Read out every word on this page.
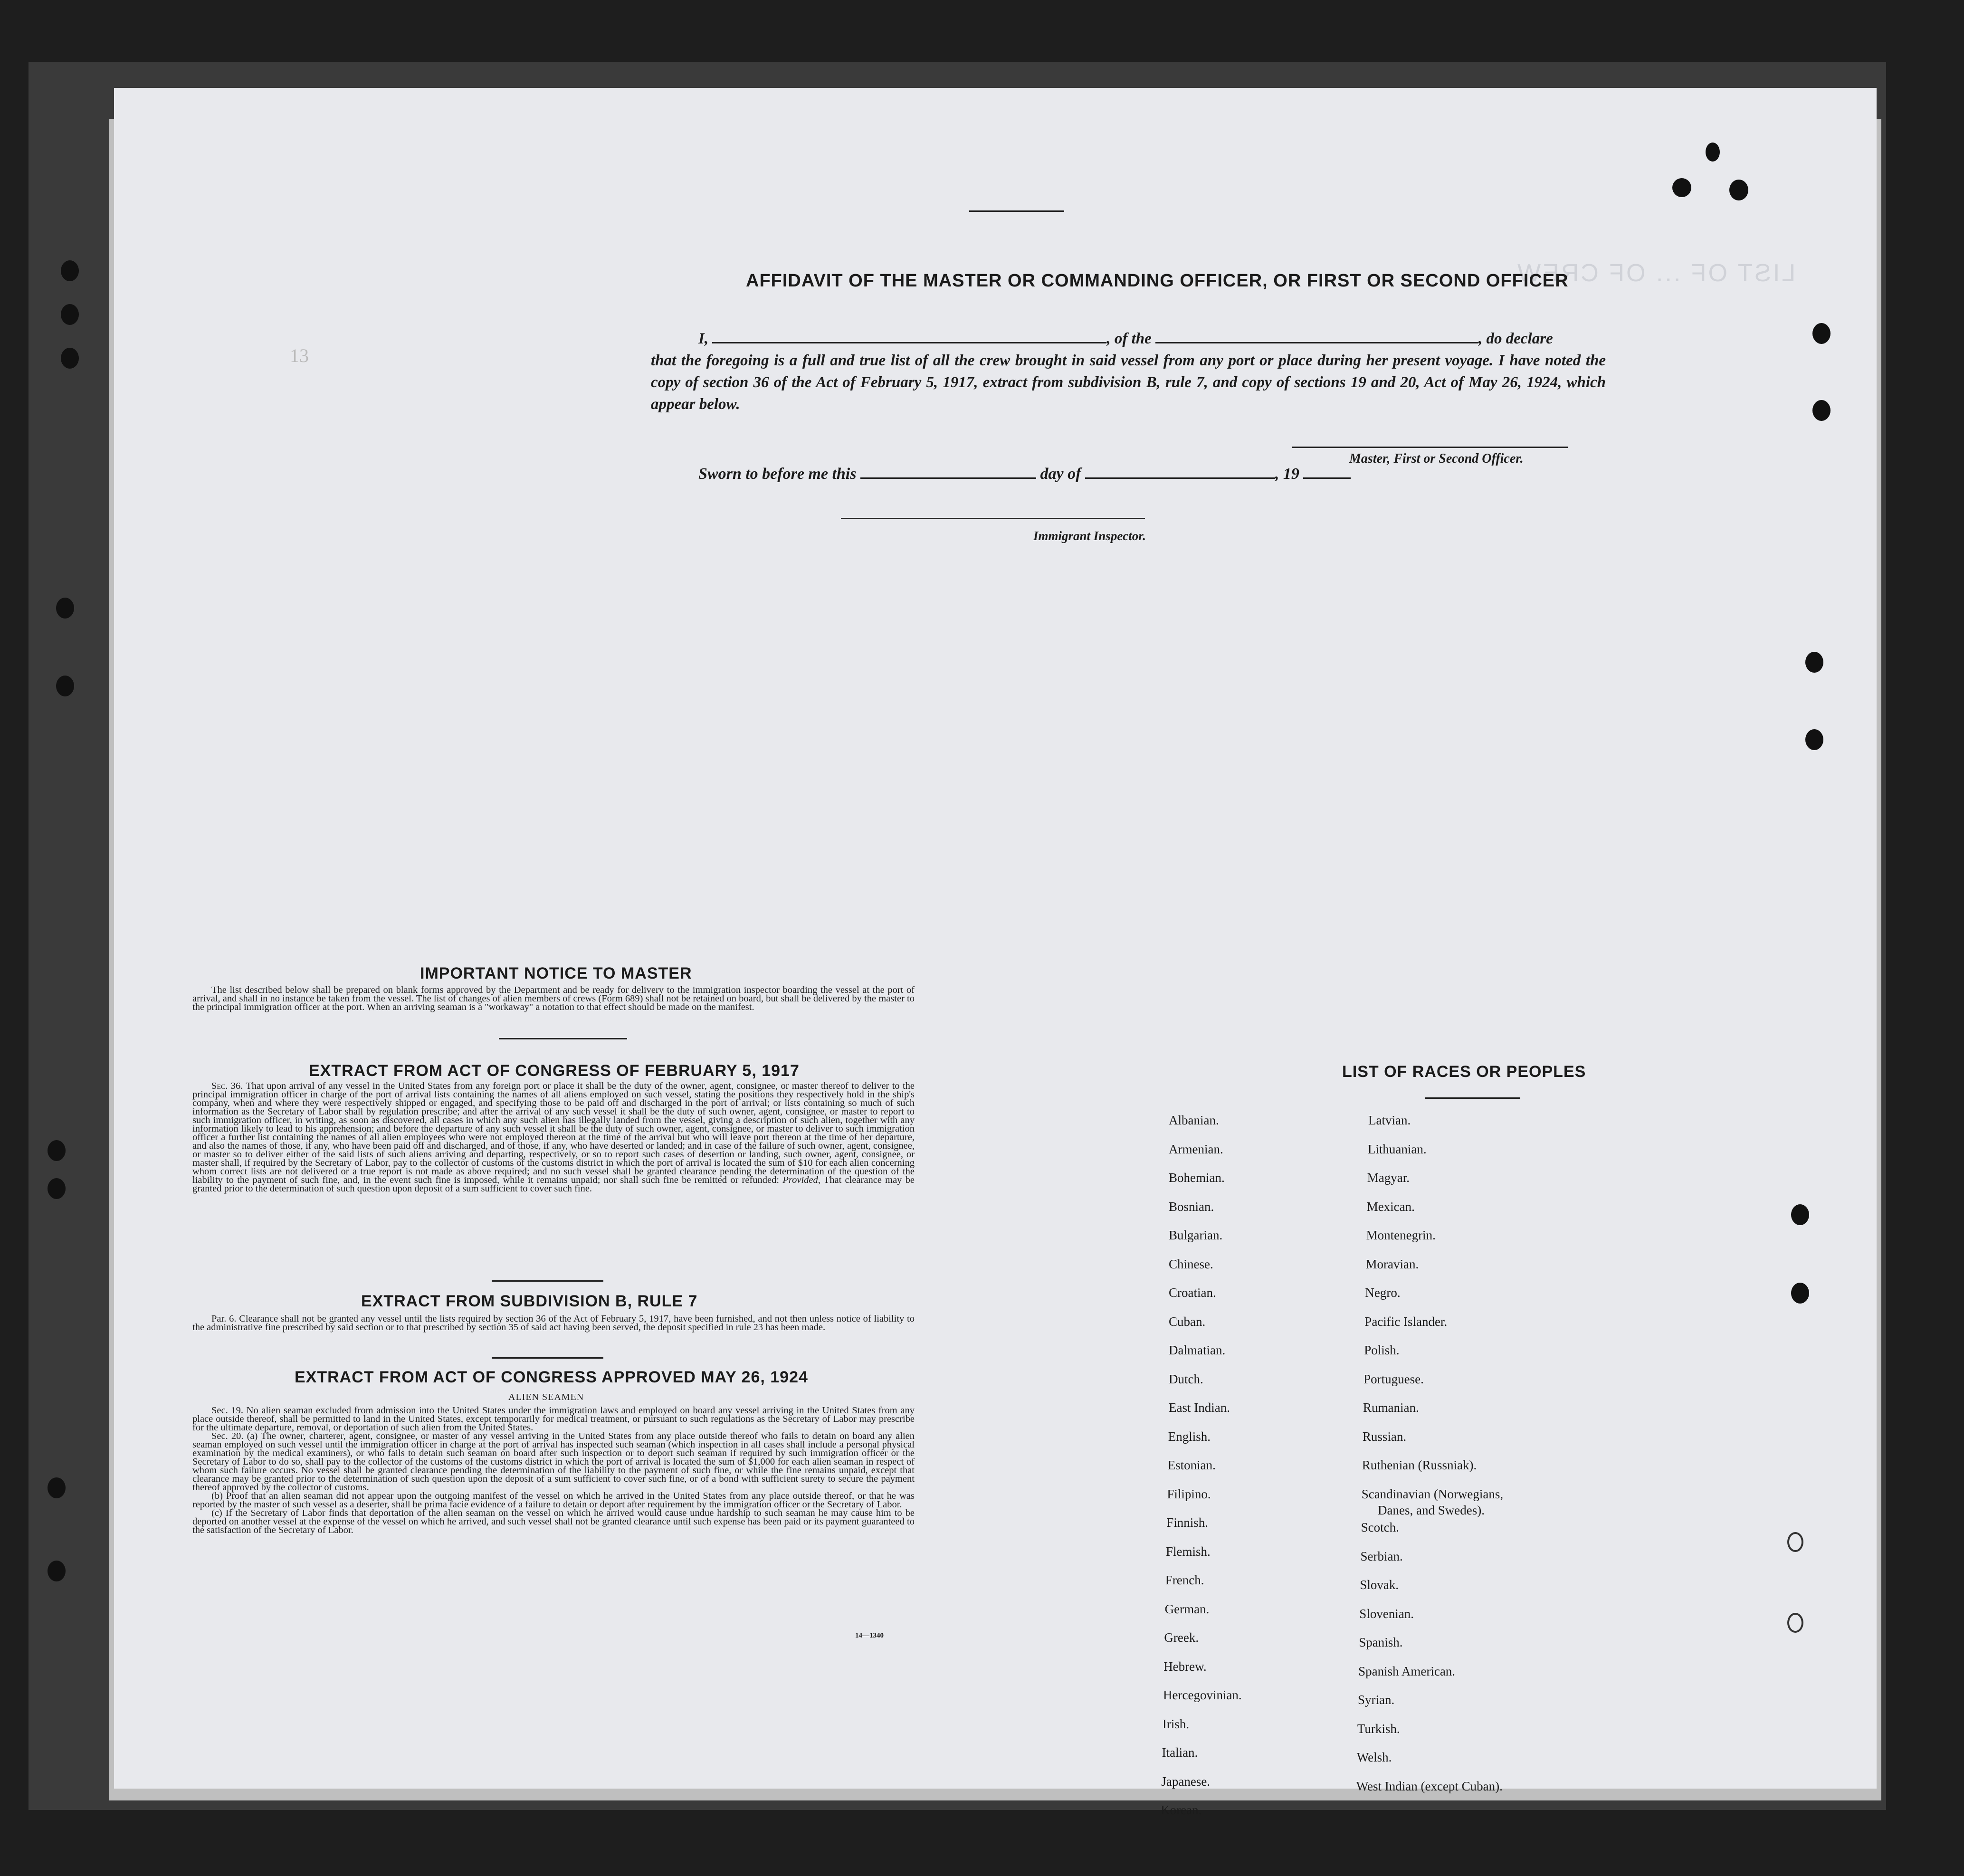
LIST OF ... OF CREW
13
AFFIDAVIT OF THE MASTER OR COMMANDING OFFICER, OR FIRST OR SECOND OFFICER
I,	, of the	, do declare
that the foregoing is a full and true list of all the crew brought in said vessel from any port or place during her present voyage. I have noted the copy of section 36 of the Act of February 5, 1917, extract from subdivision B, rule 7, and copy of sections 19 and 20, Act of May 26, 1924, which appear below.
Master, First or Second Officer.
Sworn to before me this	day of	, 19
Immigrant Inspector.
IMPORTANT NOTICE TO MASTER
The list described below shall be prepared on blank forms approved by the Department and be ready for delivery to the immigration inspector boarding the vessel at the port of arrival, and shall in no instance be taken from the vessel. The list of changes of alien members of crews (Form 689) shall not be retained on board, but shall be delivered by the master to the principal immigration officer at the port. When an arriving seaman is a "workaway" a notation to that effect should be made on the manifest.
EXTRACT FROM ACT OF CONGRESS OF FEBRUARY 5, 1917
Sec. 36. That upon arrival of any vessel in the United States from any foreign port or place it shall be the duty of the owner, agent, consignee, or master thereof to deliver to the principal immigration officer in charge of the port of arrival lists containing the names of all aliens employed on such vessel, stating the positions they respectively hold in the ship's company, when and where they were respectively shipped or engaged, and specifying those to be paid off and discharged in the port of arrival; or lists containing so much of such information as the Secretary of Labor shall by regulation prescribe; and after the arrival of any such vessel it shall be the duty of such owner, agent, consignee, or master to report to such immigration officer, in writing, as soon as discovered, all cases in which any such alien has illegally landed from the vessel, giving a description of such alien, together with any information likely to lead to his apprehension; and before the departure of any such vessel it shall be the duty of such owner, agent, consignee, or master to deliver to such immigration officer a further list containing the names of all alien employees who were not employed thereon at the time of the arrival but who will leave port thereon at the time of her departure, and also the names of those, if any, who have been paid off and discharged, and of those, if any, who have deserted or landed; and in case of the failure of such owner, agent, consignee, or master so to deliver either of the said lists of such aliens arriving and departing, respectively, or so to report such cases of desertion or landing, such owner, agent, consignee, or master shall, if required by the Secretary of Labor, pay to the collector of customs of the customs district in which the port of arrival is located the sum of $10 for each alien concerning whom correct lists are not delivered or a true report is not made as above required; and no such vessel shall be granted clearance pending the determination of the question of the liability to the payment of such fine, and, in the event such fine is imposed, while it remains unpaid; nor shall such fine be remitted or refunded: Provided, That clearance may be granted prior to the determination of such question upon deposit of a sum sufficient to cover such fine.
EXTRACT FROM SUBDIVISION B, RULE 7
Par. 6. Clearance shall not be granted any vessel until the lists required by section 36 of the Act of February 5, 1917, have been furnished, and not then unless notice of liability to the administrative fine prescribed by said section or to that prescribed by section 35 of said act having been served, the deposit specified in rule 23 has been made.
EXTRACT FROM ACT OF CONGRESS APPROVED MAY 26, 1924
ALIEN SEAMEN
Sec. 19. No alien seaman excluded from admission into the United States under the immigration laws and employed on board any vessel arriving in the United States from any place outside thereof, shall be permitted to land in the United States, except temporarily for medical treatment, or pursuant to such regulations as the Secretary of Labor may prescribe for the ultimate departure, removal, or deportation of such alien from the United States.
Sec. 20. (a) The owner, charterer, agent, consignee, or master of any vessel arriving in the United States from any place outside thereof who fails to detain on board any alien seaman employed on such vessel until the immigration officer in charge at the port of arrival has inspected such seaman (which inspection in all cases shall include a personal physical examination by the medical examiners), or who fails to detain such seaman on board after such inspection or to deport such seaman if required by such immigration officer or the Secretary of Labor to do so, shall pay to the collector of the customs of the customs district in which the port of arrival is located the sum of $1,000 for each alien seaman in respect of whom such failure occurs. No vessel shall be granted clearance pending the determination of the liability to the payment of such fine, or while the fine remains unpaid, except that clearance may be granted prior to the determination of such question upon the deposit of a sum sufficient to cover such fine, or of a bond with sufficient surety to secure the payment thereof approved by the collector of customs.
(b) Proof that an alien seaman did not appear upon the outgoing manifest of the vessel on which he arrived in the United States from any place outside thereof, or that he was reported by the master of such vessel as a deserter, shall be prima facie evidence of a failure to detain or deport after requirement by the immigration officer or the Secretary of Labor.
(c) If the Secretary of Labor finds that deportation of the alien seaman on the vessel on which he arrived would cause undue hardship to such seaman he may cause him to be deported on another vessel at the expense of the vessel on which he arrived, and such vessel shall not be granted clearance until such expense has been paid or its payment guaranteed to the satisfaction of the Secretary of Labor.
14—1340
LIST OF RACES OR PEOPLES
Albanian.
Armenian.
Bohemian.
Bosnian.
Bulgarian.
Chinese.
Croatian.
Cuban.
Dalmatian.
Dutch.
East Indian.
English.
Estonian.
Filipino.
Finnish.
Flemish.
French.
German.
Greek.
Hebrew.
Hercegovinian.
Irish.
Italian.
Japanese.
Korean.
Latvian.
Lithuanian.
Magyar.
Mexican.
Montenegrin.
Moravian.
Negro.
Pacific Islander.
Polish.
Portuguese.
Rumanian.
Russian.
Ruthenian (Russniak).
Scandinavian (Norwegians,
Danes, and Swedes).
Scotch.
Serbian.
Slovak.
Slovenian.
Spanish.
Spanish American.
Syrian.
Turkish.
Welsh.
West Indian (except Cuban).
